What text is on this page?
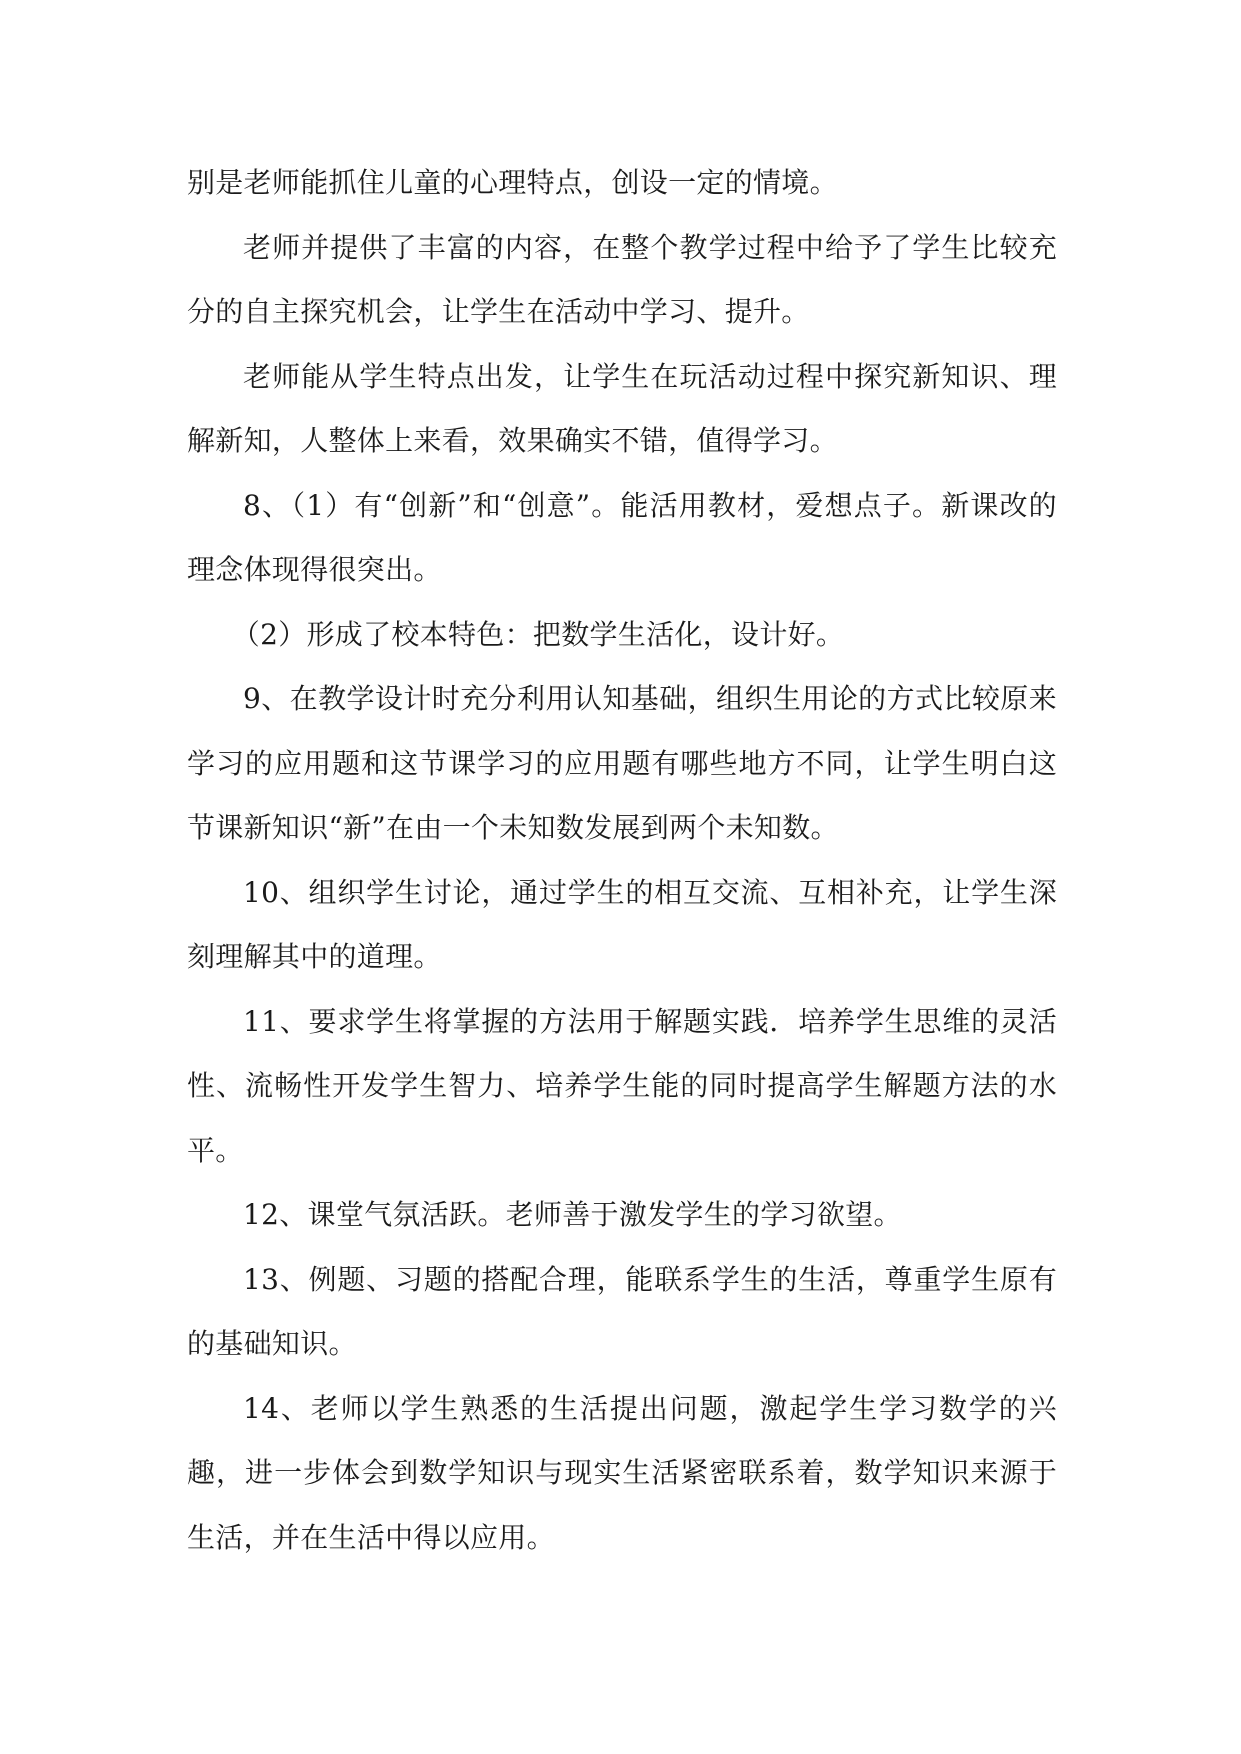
别是老师能抓住儿童的心理特点，创设一定的情境。

老师并提供了丰富的内容，在整个教学过程中给予了学生比较充分的自主探究机会，让学生在活动中学习、提升。

老师能从学生特点出发，让学生在玩活动过程中探究新知识、理解新知，人整体上来看，效果确实不错，值得学习。

8、（1）有“创新”和“创意”。能活用教材，爱想点子。新课改的理念体现得很突出。

（2）形成了校本特色：把数学生活化，设计好。

9、在教学设计时充分利用认知基础，组织生用论的方式比较原来学习的应用题和这节课学习的应用题有哪些地方不同，让学生明白这节课新知识“新”在由一个未知数发展到两个未知数。

10、组织学生讨论，通过学生的相互交流、互相补充，让学生深刻理解其中的道理。

11、要求学生将掌握的方法用于解题实践．培养学生思维的灵活性、流畅性开发学生智力、培养学生能的同时提高学生解题方法的水平。

12、课堂气氛活跃。老师善于激发学生的学习欲望。

13、例题、习题的搭配合理，能联系学生的生活，尊重学生原有的基础知识。

14、老师以学生熟悉的生活提出问题，激起学生学习数学的兴趣，进一步体会到数学知识与现实生活紧密联系着，数学知识来源于生活，并在生活中得以应用。
